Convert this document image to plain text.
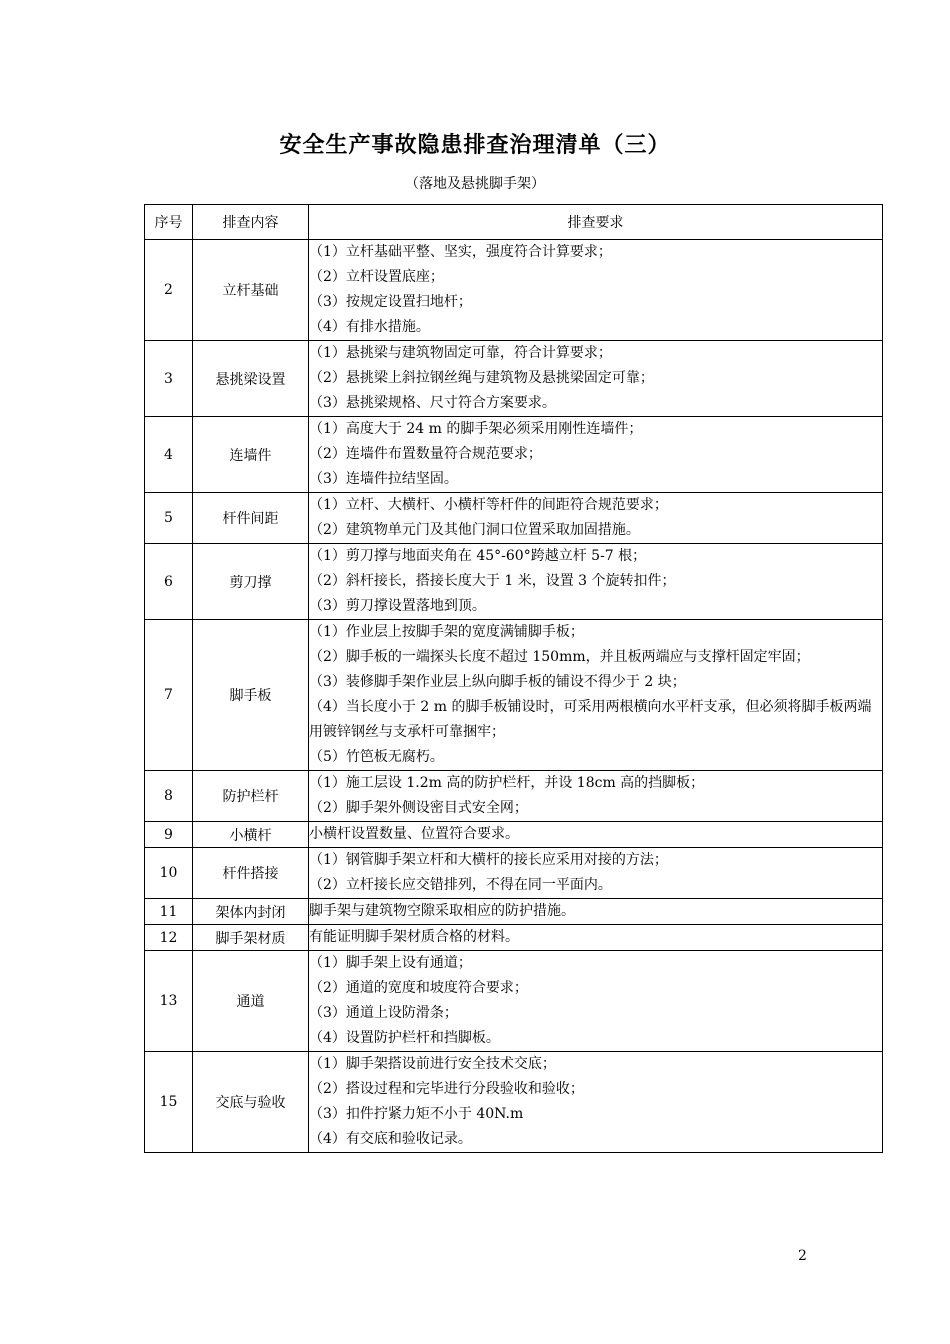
安全生产事故隐患排查治理清单（三）
（落地及悬挑脚手架）
序号	排查内容	排查要求
2	立杆基础	（1）立杆基础平整、坚实，强度符合计算要求；
（2）立杆设置底座；
（3）按规定设置扫地杆；
（4）有排水措施。

3	悬挑梁设置	（1）悬挑梁与建筑物固定可靠，符合计算要求；
（2）悬挑梁上斜拉钢丝绳与建筑物及悬挑梁固定可靠；
（3）悬挑梁规格、尺寸符合方案要求。

4	连墙件	（1）高度大于 24 m 的脚手架必须采用刚性连墙件；
（2）连墙件布置数量符合规范要求；
（3）连墙件拉结坚固。

5	杆件间距	（1）立杆、大横杆、小横杆等杆件的间距符合规范要求；
（2）建筑物单元门及其他门洞口位置采取加固措施。

6	剪刀撑	（1）剪刀撑与地面夹角在 45°-60°跨越立杆 5-7 根；
（2）斜杆接长，搭接长度大于 1 米，设置 3 个旋转扣件；
（3）剪刀撑设置落地到顶。

7	脚手板	（1）作业层上按脚手架的宽度满铺脚手板；
（2）脚手板的一端探头长度不超过 150mm，并且板两端应与支撑杆固定牢固；
（3）装修脚手架作业层上纵向脚手板的铺设不得少于 2 块；
（4）当长度小于 2 m 的脚手板铺设时，可采用两根横向水平杆支承，但必须将脚手板两端用镀锌钢丝与支承杆可靠捆牢；
（5）竹笆板无腐朽。

8	防护栏杆	（1）施工层设 1.2m 高的防护栏杆，并设 18cm 高的挡脚板；
（2）脚手架外侧设密目式安全网；

9	小横杆	小横杆设置数量、位置符合要求。

10	杆件搭接	（1）钢管脚手架立杆和大横杆的接长应采用对接的方法；
（2）立杆接长应交错排列，不得在同一平面内。

11	架体内封闭	脚手架与建筑物空隙采取相应的防护措施。

12	脚手架材质	有能证明脚手架材质合格的材料。

13	通道	（1）脚手架上设有通道；
（2）通道的宽度和坡度符合要求；
（3）通道上设防滑条；
（4）设置防护栏杆和挡脚板。

15	交底与验收	（1）脚手架搭设前进行安全技术交底；
（2）搭设过程和完毕进行分段验收和验收；
（3）扣件拧紧力矩不小于 40N.m
（4）有交底和验收记录。
2
